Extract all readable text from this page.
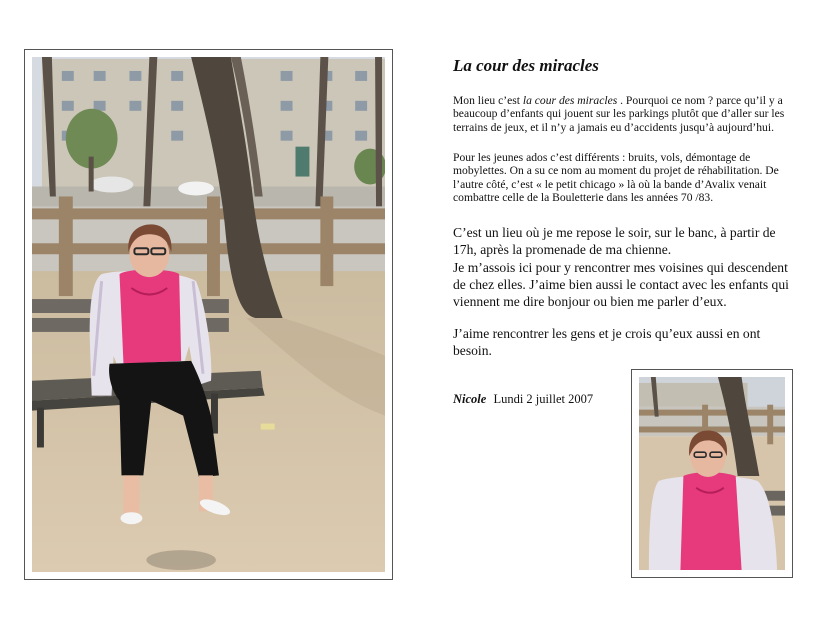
La cour des miracles

Mon lieu c’est la cour des miracles . Pourquoi ce nom ? parce qu’il y a beaucoup d’enfants qui jouent sur les parkings plutôt que d’aller sur les terrains de jeux, et il n’y a jamais eu d’accidents jusqu’à aujourd’hui.

Pour les jeunes ados c’est différents : bruits, vols, démontage de mobylettes. On a su ce nom au moment du projet de réhabilitation. De l’autre côté, c’est « le petit chicago » là où la bande d’Avalix venait combattre celle de la Bouletterie dans les années 70 /83.

C’est un lieu où je me repose le soir, sur le banc, à partir de 17h, après la promenade de ma chienne.

Je m’assois ici pour y rencontrer mes voisines qui descendent de chez elles. J’aime bien aussi le contact avec les enfants qui viennent me dire bonjour ou bien me parler d’eux.

J’aime rencontrer les gens et je crois qu’eux aussi en ont besoin.

Nicole Lundi 2 juillet 2007
